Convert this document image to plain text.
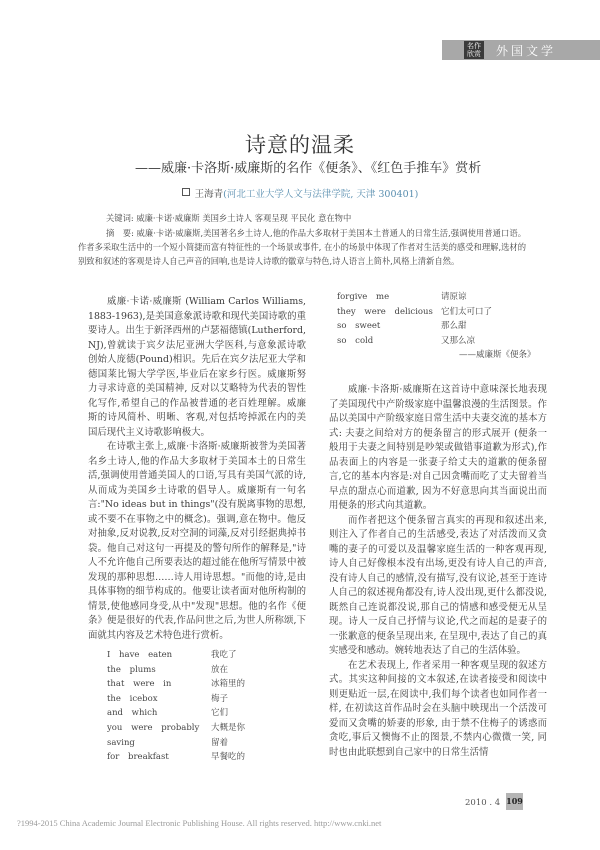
名作
欣赏 外国文学
诗意的温柔
——威廉·卡洛斯·威廉斯的名作《便条》、《红色手推车》赏析
王海青(河北工业大学人文与法律学院, 天津 300401)
关键词: 威廉·卡诺·威廉斯 美国乡土诗人 客观呈现 平民化 意在物中
摘　要: 威廉·卡诺·威廉斯,美国著名乡土诗人,他的作品大多取材于美国本土普通人的日常生活,强调使用普通口语。作者多采取生活中的一个短小简捷而富有特征性的一个场景或事件, 在小的场景中体现了作者对生活美的感受和理解,选材的别致和叙述的客观是诗人自己声音的回响,也是诗人诗歌的徽章与特色,诗人语言上简朴,风格上清新自然。

威廉·卡诺·威廉斯 (William Carlos Williams, 1883-1963),是美国意象派诗歌和现代美国诗歌的重要诗人。出生于新泽西州的卢瑟福德镇(Lutherford, NJ),曾就读于宾夕法尼亚洲大学医科,与意象派诗歌创始人庞德(Pound)相识。先后在宾夕法尼亚大学和德国莱比锡大学学医,毕业后在家乡行医。威廉斯努力寻求诗意的美国精神, 反对以艾略特为代表的智性化写作,希望自己的作品被普通的老百姓理解。威廉斯的诗风简朴、明晰、客观,对包括垮掉派在内的美国后现代主义诗歌影响极大。

在诗歌主张上,威廉·卡洛斯·威廉斯被誉为美国著名乡土诗人,他的作品大多取材于美国本土的日常生活,强调使用普通美国人的口语,写具有美国气派的诗,从而成为美国乡土诗歌的倡导人。威廉斯有一句名言:"No ideas but in things"(没有脱离事物的思想,或不要不在事物之中的概念)。强调,意在物中。他反对抽象,反对说教,反对空洞的词藻,反对引经据典掉书袋。他自己对这句一再提及的警句所作的解释是,"诗人不允许他自己所要表达的超过能在他所写情景中被发现的那种思想……诗人用诗思想。"而他的诗,是由具体事物的细节构成的。他要让读者面对他所构制的情景,使他感同身受,从中"发现"思想。他的名作《便条》便是很好的代表,作品问世之后,为世人所称颂,下面就其内容及艺术特色进行赏析。

I have eaten	我吃了
the plums	放在
that were in	冰箱里的
the icebox	梅子
and which	它们
you were probably	大概是你
saving	留着
for breakfast	早餐吃的
forgive me	请原谅
they were delicious 它们太可口了
so sweet	那么甜
so cold	又那么凉
——威廉斯《便条》

威廉·卡洛斯·威廉斯在这首诗中意味深长地表现了美国现代中产阶级家庭中温馨浪漫的生活图景。作品以美国中产阶级家庭日常生活中夫妻交流的基本方式: 夫妻之间给对方的便条留言的形式展开 (便条一般用于夫妻之间特别是吵架或做错事道歉为形式),作品表面上的内容是一张妻子给丈夫的道歉的便条留言,它的基本内容是:对自己因贪嘴而吃了丈夫留着当早点的甜点心而道歉, 因为不好意思向其当面说出而用便条的形式向其道歉。

而作者把这个便条留言真实的再现和叙述出来,则注入了作者自己的生活感受,表达了对活泼而又贪嘴的妻子的可爱以及温馨家庭生活的一种客观再现,诗人自己好像根本没有出场,更没有诗人自己的声音,没有诗人自己的感情,没有描写,没有议论,甚至于连诗人自己的叙述视角都没有,诗人没出现,更什么都没说,既然自己连说都没说,那自己的情感和感受便无从呈现。诗人一反自己抒情与议论,代之而起的是妻子的一张歉意的便条呈现出来, 在呈现中,表达了自己的真实感受和感动。婉转地表达了自己的生活体验。

在艺术表现上, 作者采用一种客观呈现的叙述方式。其实这种间接的文本叙述,在读者接受和阅读中则更贴近一层,在阅读中,我们每个读者也如同作者一样, 在初读这首作品时会在头脑中映现出一个活泼可爱而又贪嘴的娇妻的形象, 由于禁不住梅子的诱惑而贪吃,事后又懊悔不止的图景,不禁内心微微一笑, 同时也由此联想到自己家中的日常生活情

2010 . 4 109
?1994-2015 China Academic Journal Electronic Publishing House. All rights reserved. http://www.cnki.net
